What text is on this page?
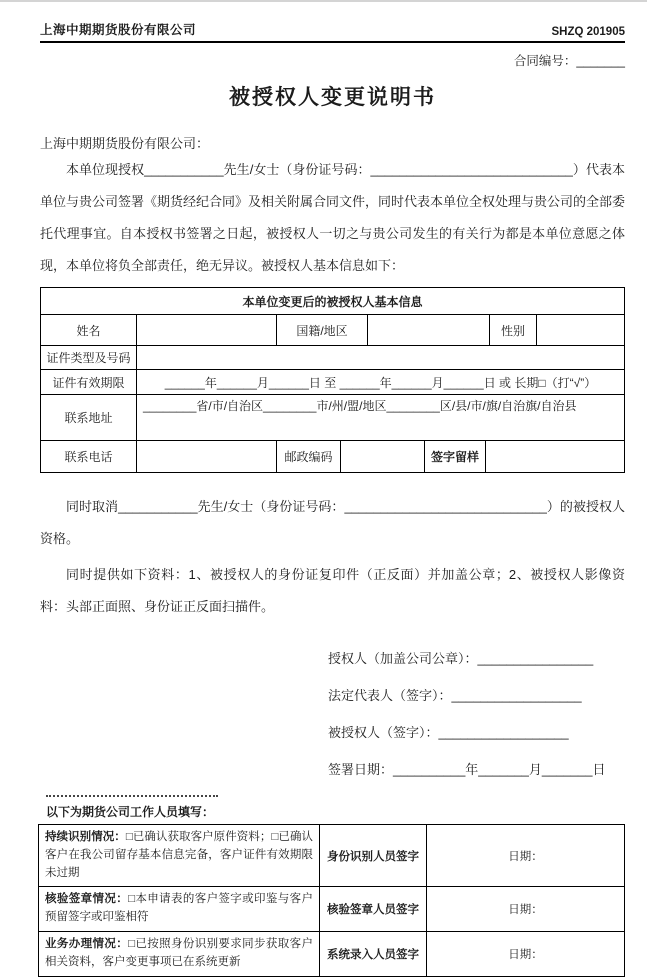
上海中期期货股份有限公司	SHZQ 201905
合同编号：_______
被授权人变更说明书
上海中期期货股份有限公司：
本单位现授权___________先生/女士（身份证号码：____________________________）代表本单位与贵公司签署《期货经纪合同》及相关附属合同文件，同时代表本单位全权处理与贵公司的全部委托代理事宜。自本授权书签署之日起，被授权人一切之与贵公司发生的有关行为都是本单位意愿之体现，本单位将负全部责任，绝无异议。被授权人基本信息如下：
本单位变更后的被授权人基本信息
姓名	国籍/地区	性别
证件类型及号码
证件有效期限	______年______月______日 至 ______年______月______日 或 长期□（打“√”）
联系地址
________省/市/自治区________市/州/盟/地区________区/县/市/旗/自治旗/自治县
联系电话	邮政编码	签字留样
同时取消___________先生/女士（身份证号码：____________________________）的被授权人资格。
同时提供如下资料：1、被授权人的身份证复印件（正反面）并加盖公章；2、被授权人影像资料：头部正面照、身份证正反面扫描件。
授权人（加盖公司公章）：________________
法定代表人（签字）：__________________
被授权人（签字）：__________________
签署日期：__________年_______月_______日
以下为期货公司工作人员填写：
持续识别情况：□已确认获取客户原件资料；□已确认客户在我公司留存基本信息完备，客户证件有效期限未过期
身份识别人员签字	日期：
核验签章情况：□本申请表的客户签字或印鉴与客户预留签字或印鉴相符
核验签章人员签字	日期：
业务办理情况：□已按照身份识别要求同步获取客户相关资料，客户变更事项已在系统更新
系统录入人员签字	日期：
